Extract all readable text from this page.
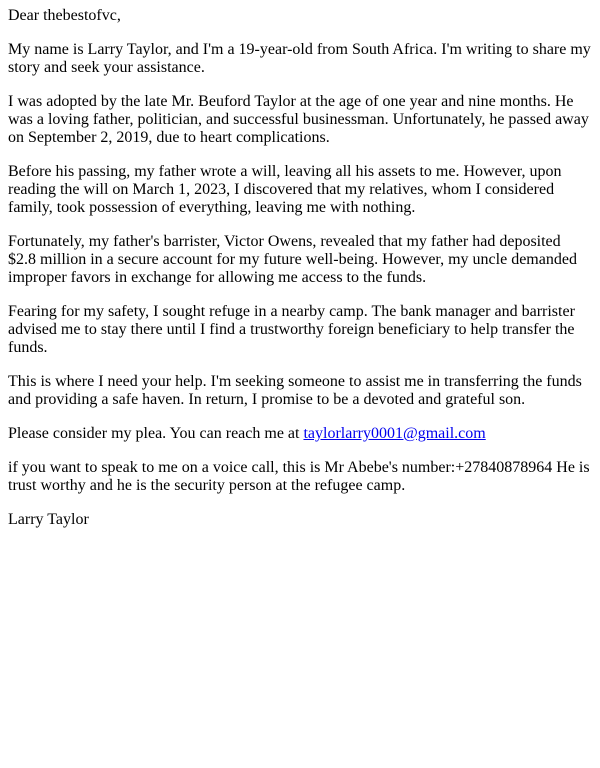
Dear thebestofvc,

My name is Larry Taylor, and I'm a 19-year-old from South Africa. I'm writing to share my story and seek your assistance.

I was adopted by the late Mr. Beuford Taylor at the age of one year and nine months. He was a loving father, politician, and successful businessman. Unfortunately, he passed away on September 2, 2019, due to heart complications.

Before his passing, my father wrote a will, leaving all his assets to me. However, upon reading the will on March 1, 2023, I discovered that my relatives, whom I considered family, took possession of everything, leaving me with nothing.

Fortunately, my father's barrister, Victor Owens, revealed that my father had deposited $2.8 million in a secure account for my future well-being. However, my uncle demanded improper favors in exchange for allowing me access to the funds.

Fearing for my safety, I sought refuge in a nearby camp. The bank manager and barrister advised me to stay there until I find a trustworthy foreign beneficiary to help transfer the funds.

This is where I need your help. I'm seeking someone to assist me in transferring the funds and providing a safe haven. In return, I promise to be a devoted and grateful son.

Please consider my plea. You can reach me at taylorlarry0001@gmail.com

if you want to speak to me on a voice call, this is Mr Abebe's number:+27840878964 He is trust worthy and he is the security person at the refugee camp.

Larry Taylor
